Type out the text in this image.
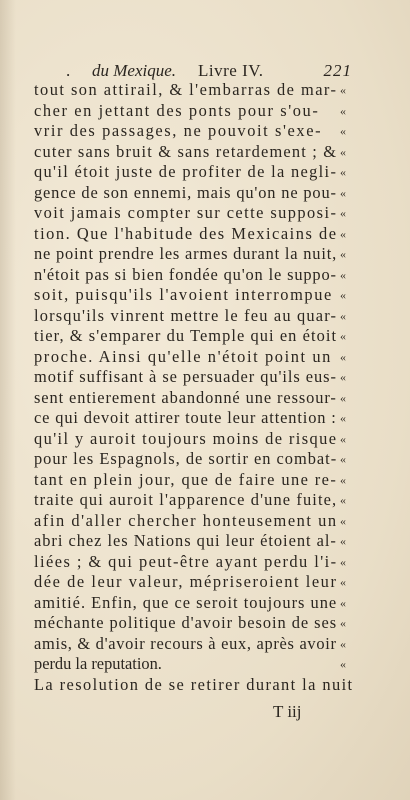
. du Mexique. Livre IV.	221
tout son attirail, & l'embarras de mar- «
cher en jettant des ponts pour s'ou- «
vrir des passages, ne pouvoit s'exe- «
cuter sans bruit & sans retardement ; & «
qu'il étoit juste de profiter de la negli- «
gence de son ennemi, mais qu'on ne pou- «
voit jamais compter sur cette supposi- «
tion. Que l'habitude des Mexicains de «
ne point prendre les armes durant la nuit, «
n'étoit pas si bien fondée qu'on le suppo- «
soit, puisqu'ils l'avoient interrompue «
lorsqu'ils vinrent mettre le feu au quar- «
tier, & s'emparer du Temple qui en étoit «
proche. Ainsi qu'elle n'étoit point un «
motif suffisant à se persuader qu'ils eus- «
sent entierement abandonné une ressour- «
ce qui devoit attirer toute leur attention : «
qu'il y auroit toujours moins de risque «
pour les Espagnols, de sortir en combat- «
tant en plein jour, que de faire une re- «
traite qui auroit l'apparence d'une fuite, «
afin d'aller chercher honteusement un «
abri chez les Nations qui leur étoient al- «
liées ; & qui peut-être ayant perdu l'i- «
dée de leur valeur, mépriseroient leur «
amitié. Enfin, que ce seroit toujours une «
méchante politique d'avoir besoin de ses «
amis, & d'avoir recours à eux, après avoir «
perdu la reputation.	«
La resolution de se retirer durant la nuit
T iij
